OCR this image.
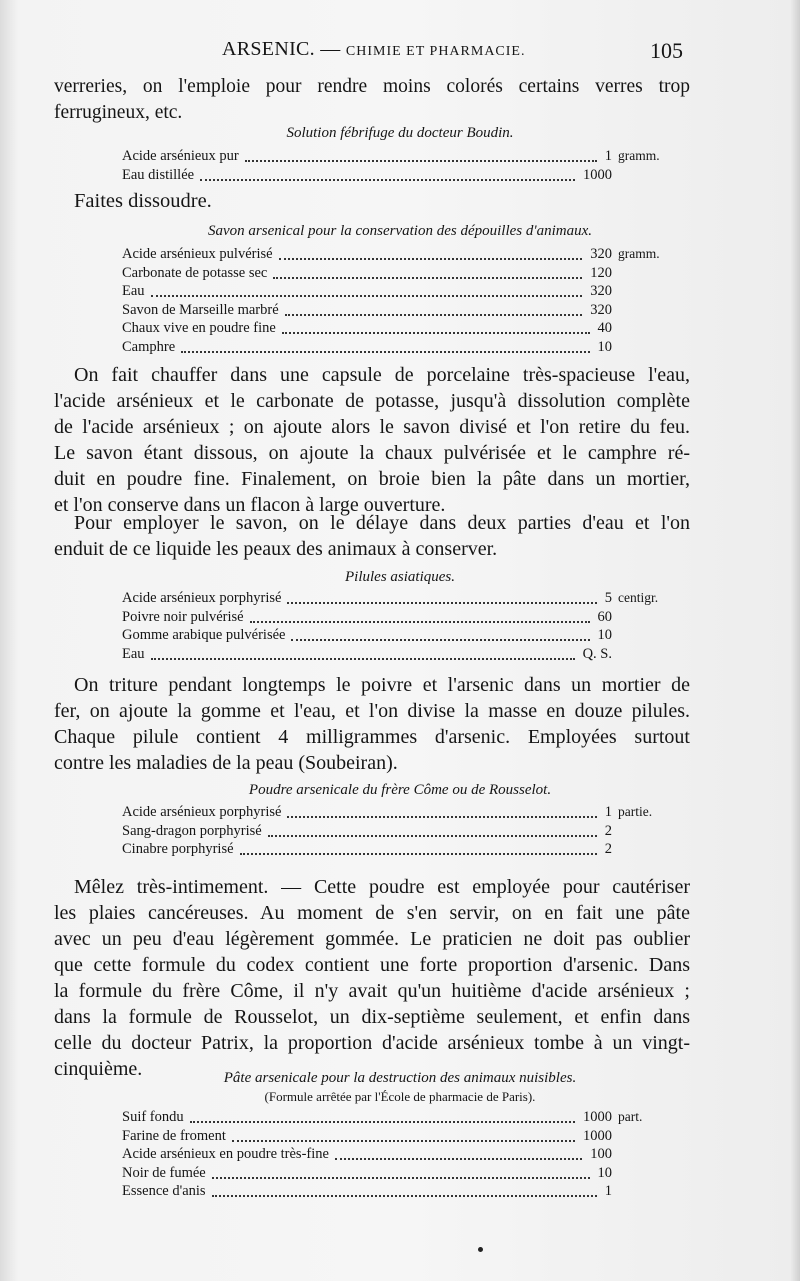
ARSENIC. — CHIMIE ET PHARMACIE.	105
verreries, on l'emploie pour rendre moins colorés certains verres trop
ferrugineux, etc.
Solution fébrifuge du docteur Boudin.
Acide arsénieux pur	1 gramm.
Eau distillée	1000
Faites dissoudre.
Savon arsenical pour la conservation des dépouilles d'animaux.
Acide arsénieux pulvérisé	320 gramm.
Carbonate de potasse sec	120
Eau	320
Savon de Marseille marbré	320
Chaux vive en poudre fine	40
Camphre	10
On fait chauffer dans une capsule de porcelaine très-spacieuse l'eau,
l'acide arsénieux et le carbonate de potasse, jusqu'à dissolution complète
de l'acide arsénieux ; on ajoute alors le savon divisé et l'on retire du feu.
Le savon étant dissous, on ajoute la chaux pulvérisée et le camphre ré-
duit en poudre fine. Finalement, on broie bien la pâte dans un mortier,
et l'on conserve dans un flacon à large ouverture.
Pour employer le savon, on le délaye dans deux parties d'eau et l'on
enduit de ce liquide les peaux des animaux à conserver.
Pilules asiatiques.
Acide arsénieux porphyrisé	5 centigr.
Poivre noir pulvérisé	60
Gomme arabique pulvérisée	10
Eau	Q. S.
On triture pendant longtemps le poivre et l'arsenic dans un mortier de
fer, on ajoute la gomme et l'eau, et l'on divise la masse en douze pilules.
Chaque pilule contient 4 milligrammes d'arsenic. Employées surtout
contre les maladies de la peau (Soubeiran).
Poudre arsenicale du frère Côme ou de Rousselot.
Acide arsénieux porphyrisé	1 partie.
Sang-dragon porphyrisé	2
Cinabre porphyrisé	2
Mêlez très-intimement. — Cette poudre est employée pour cautériser
les plaies cancéreuses. Au moment de s'en servir, on en fait une pâte
avec un peu d'eau légèrement gommée. Le praticien ne doit pas oublier
que cette formule du codex contient une forte proportion d'arsenic. Dans
la formule du frère Côme, il n'y avait qu'un huitième d'acide arsénieux ;
dans la formule de Rousselot, un dix-septième seulement, et enfin dans
celle du docteur Patrix, la proportion d'acide arsénieux tombe à un vingt-
cinquième.	Pâte arsenicale pour la destruction des animaux nuisibles.
(Formule arrêtée par l'École de pharmacie de Paris).
Suif fondu	1000 part.
Farine de froment	1000
Acide arsénieux en poudre très-fine	100
Noir de fumée	10
Essence d'anis	1
